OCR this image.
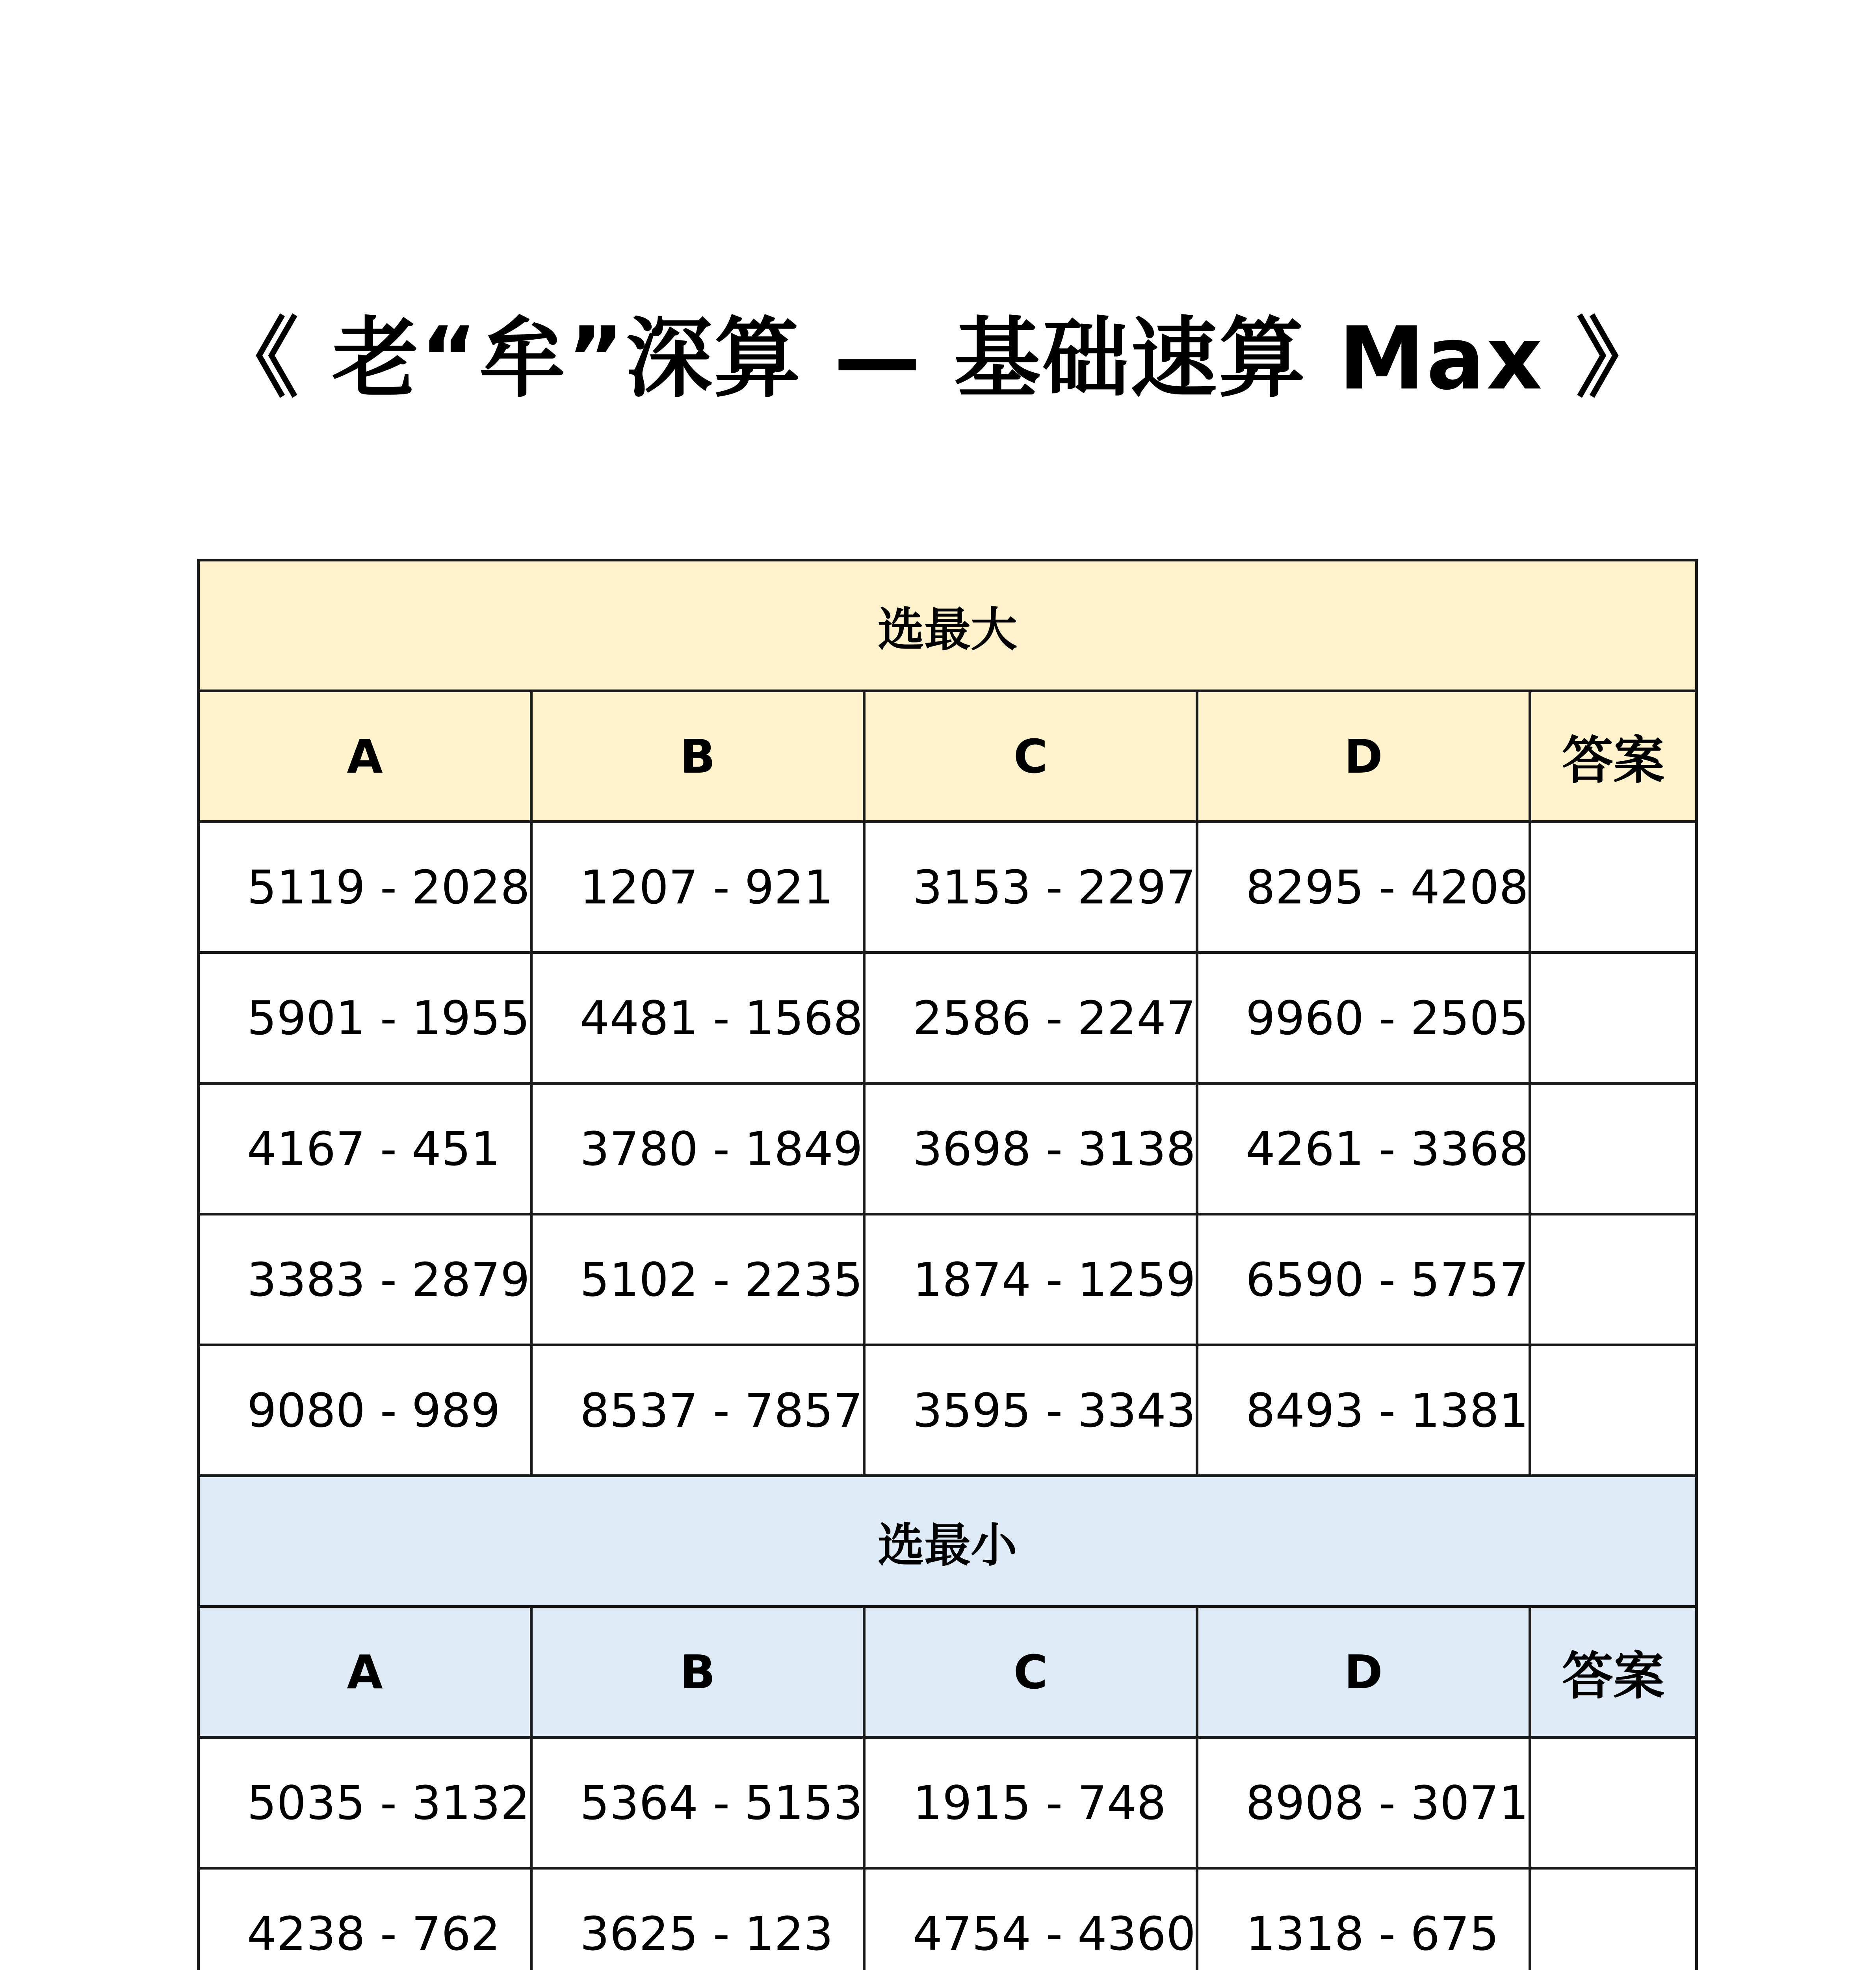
《 老“牟”深算 — 基础速算 Max 》
选最大				
A	B	C	D	答案
5119 - 2028	1207 - 921	3153 - 2297	8295 - 4208	
5901 - 1955	4481 - 1568	2586 - 2247	9960 - 2505	
4167 - 451	3780 - 1849	3698 - 3138	4261 - 3368	
3383 - 2879	5102 - 2235	1874 - 1259	6590 - 5757	
9080 - 989	8537 - 7857	3595 - 3343	8493 - 1381	
选最小				
A	B	C	D	答案
5035 - 3132	5364 - 5153	1915 - 748	8908 - 3071	
4238 - 762	3625 - 123	4754 - 4360	1318 - 675	
